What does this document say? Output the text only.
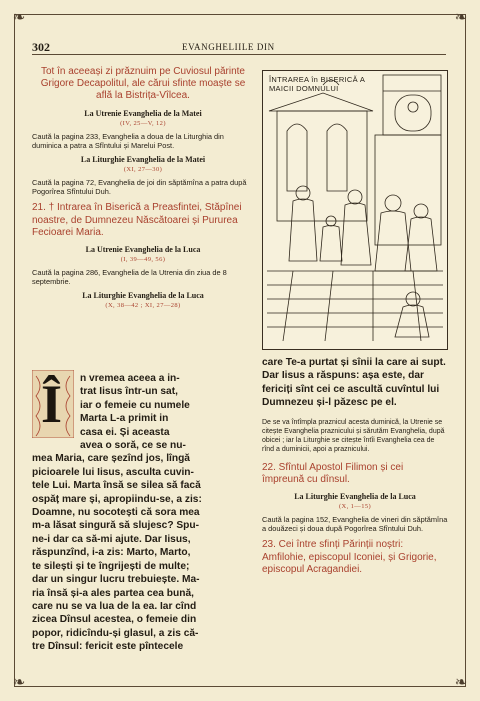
❧	❧
❧	❧
302	EVANGHELIILE DIN

Tot în aceeași zi prăznuim pe Cuviosul părinte Grigore Decapolitul, ale cărui sfinte moaște se află la Bistrița-Vîlcea.

La Utrenie Evanghelia de la Matei

(IV, 25—V, 12)

Caută la pagina 233, Evanghelia a doua de la Liturghia din duminica a patra a Sfîntului și Marelui Post.

La Liturghie Evanghelia de la Matei

(XI, 27—30)

Caută la pagina 72, Evanghelia de joi din săptămîna a patra după Pogorîrea Sfîntului Duh.

21. † Intrarea în Biserică a Preasfintei, Stăpînei noastre, de Dumnezeu Născătoarei și Pururea Fecioarei Maria.

La Utrenie Evanghelia de la Luca

(I, 39—49, 56)

Caută la pagina 286, Evanghelia de la Utrenia din ziua de 8 septembrie.

La Liturghie Evanghelia de la Luca

(X, 38—42 ; XI, 27—28)

ÎNTRAREA în BISERICĂ A MAICII DOMNULUI
Î n vremea aceea a in-

trat Iisus într-un sat,

iar o femeie cu numele

Marta L-a primit in

casa ei. Și aceasta

avea o soră, ce se nu-

mea Maria, care șezînd jos, lîngă

picioarele lui Iisus, asculta cuvin-

tele Lui. Marta însă se silea să facă

ospăț mare și, apropiindu-se, a zis:

Doamne, nu socotești că sora mea

m-a lăsat singură să slujesc? Spu-

ne-i dar ca să-mi ajute. Dar Iisus,

răspunzînd, i-a zis: Marto, Marto,

te silești și te îngrijești de multe;

dar un singur lucru trebuiește. Ma-

ria însă și-a ales partea cea bună,

care nu se va lua de la ea. Iar cînd

zicea Dînsul acestea, o femeie din

popor, ridicîndu-și glasul, a zis că-

tre Dînsul: fericit este pîntecele

care Te-a purtat și sînii la care ai supt. Dar Iisus a răspuns: așa este, dar fericiți sînt cei ce ascultă cuvîntul lui Dumnezeu și-l păzesc pe el.

De se va întîmpla praznicul acesta duminică, la Utrenie se citește Evanghelia praznicului și sărutăm Evanghelia, după obicei ; iar la Liturghie se citește întîi Evanghelia cea de rînd a duminicii, apoi a praznicului.

22. Sfîntul Apostol Filimon și cei împreună cu dînsul.

La Liturghie Evanghelia de la Luca

(X, 1—15)

Caută la pagina 152, Evanghelia de vineri din săptămîna a douăzeci și doua după Pogorîrea Sfîntului Duh.

23. Cei între sfinți Părinții noștri: Amfilohie, episcopul Iconiei, și Grigorie, episcopul Acragandiei.
